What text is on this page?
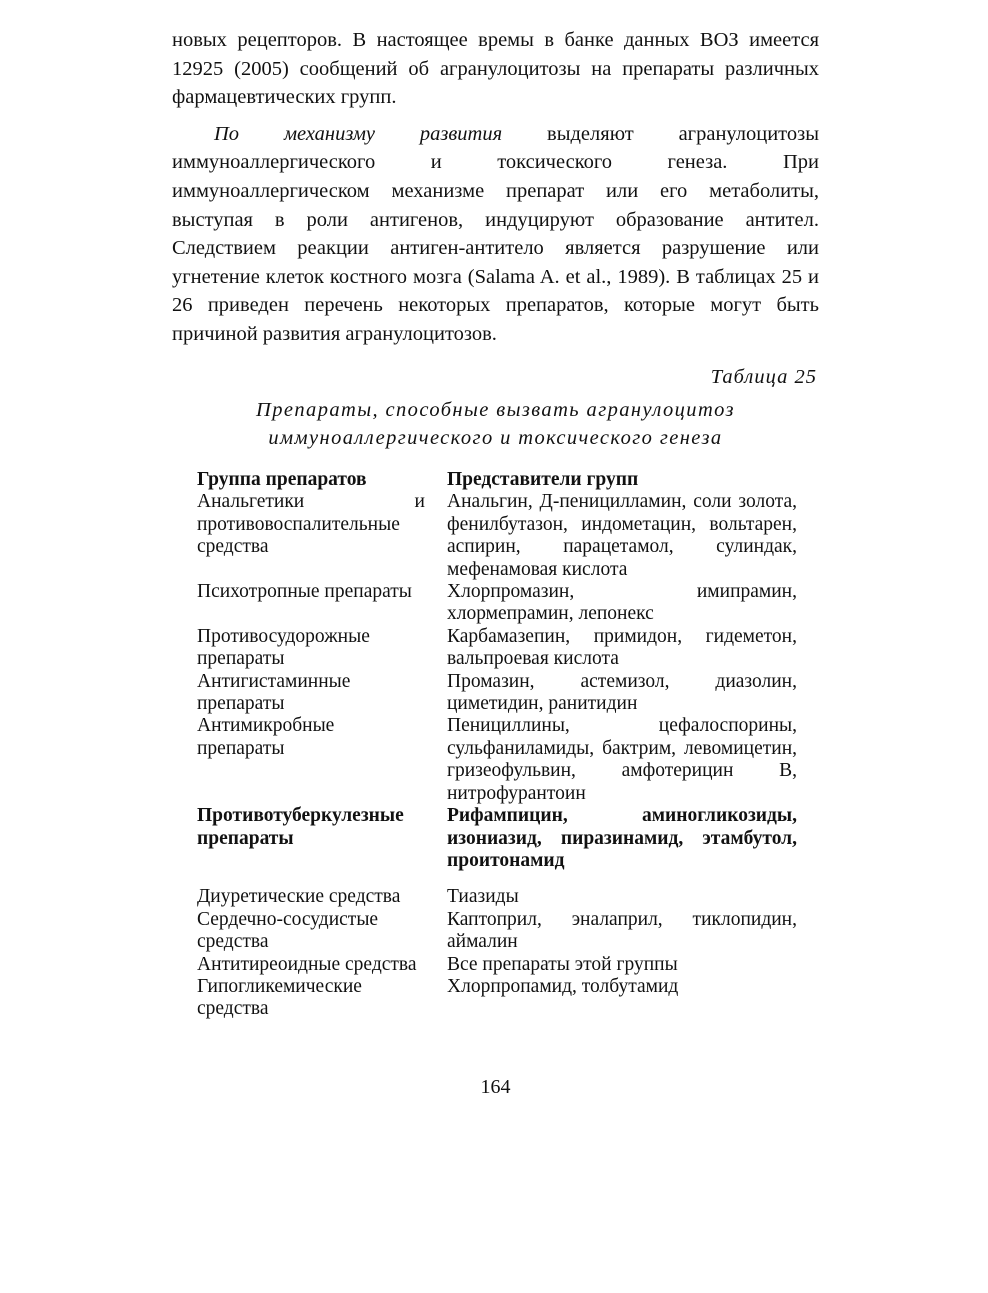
новых рецепторов. В настоящее времы в банке данных ВОЗ имеется 12925 (2005) сообщений об агранулоцитозы на препараты различных фармацевтических групп.

По механизму развития выделяют агранулоцитозы иммуноаллергического и токсического генеза. При иммуноаллергическом механизме препарат или его метаболиты, выступая в роли антигенов, индуцируют образование антител. Следствием реакции антиген-антитело является разрушение или угнетение клеток костного мозга (Salama A. et al., 1989). В таблицах 25 и 26 приведен перечень некоторых препаратов, которые могут быть причиной развития агранулоцитозов.

Таблица 25
Препараты, способные вызвать агранулоцитоз
иммуноаллергического и токсического генеза
Группа препаратов	Представители групп
Анальгетики и противовоспалительные средства	Анальгин, Д-пеницилламин, соли золота, фенилбутазон, индометацин, вольтарен, аспирин, парацетамол, сулиндак, мефенамовая кислота
Психотропные препараты	Хлорпромазин, имипрамин, хлормепрамин, лепонекс
Противосудорожные препараты	Карбамазепин, примидон, гидеметон, вальпроевая кислота
Антигистаминные препараты	Промазин, астемизол, диазолин, циметидин, ранитидин
Антимикробные препараты	Пенициллины, цефалоспорины, сульфаниламиды, бактрим, левомицетин, гризеофульвин, амфотерицин В, нитрофурантоин
Противотуберкулезные препараты	Рифампицин, аминогликозиды, изониазид, пиразинамид, этамбутол, проитонамид
Диуретические средства	Тиазиды
Сердечно-сосудистые средства	Каптоприл, эналаприл, тиклопидин, аймалин
Антитиреоидные средства	Все препараты этой группы
Гипогликемические средства	Хлорпропамид, толбутамид
164
